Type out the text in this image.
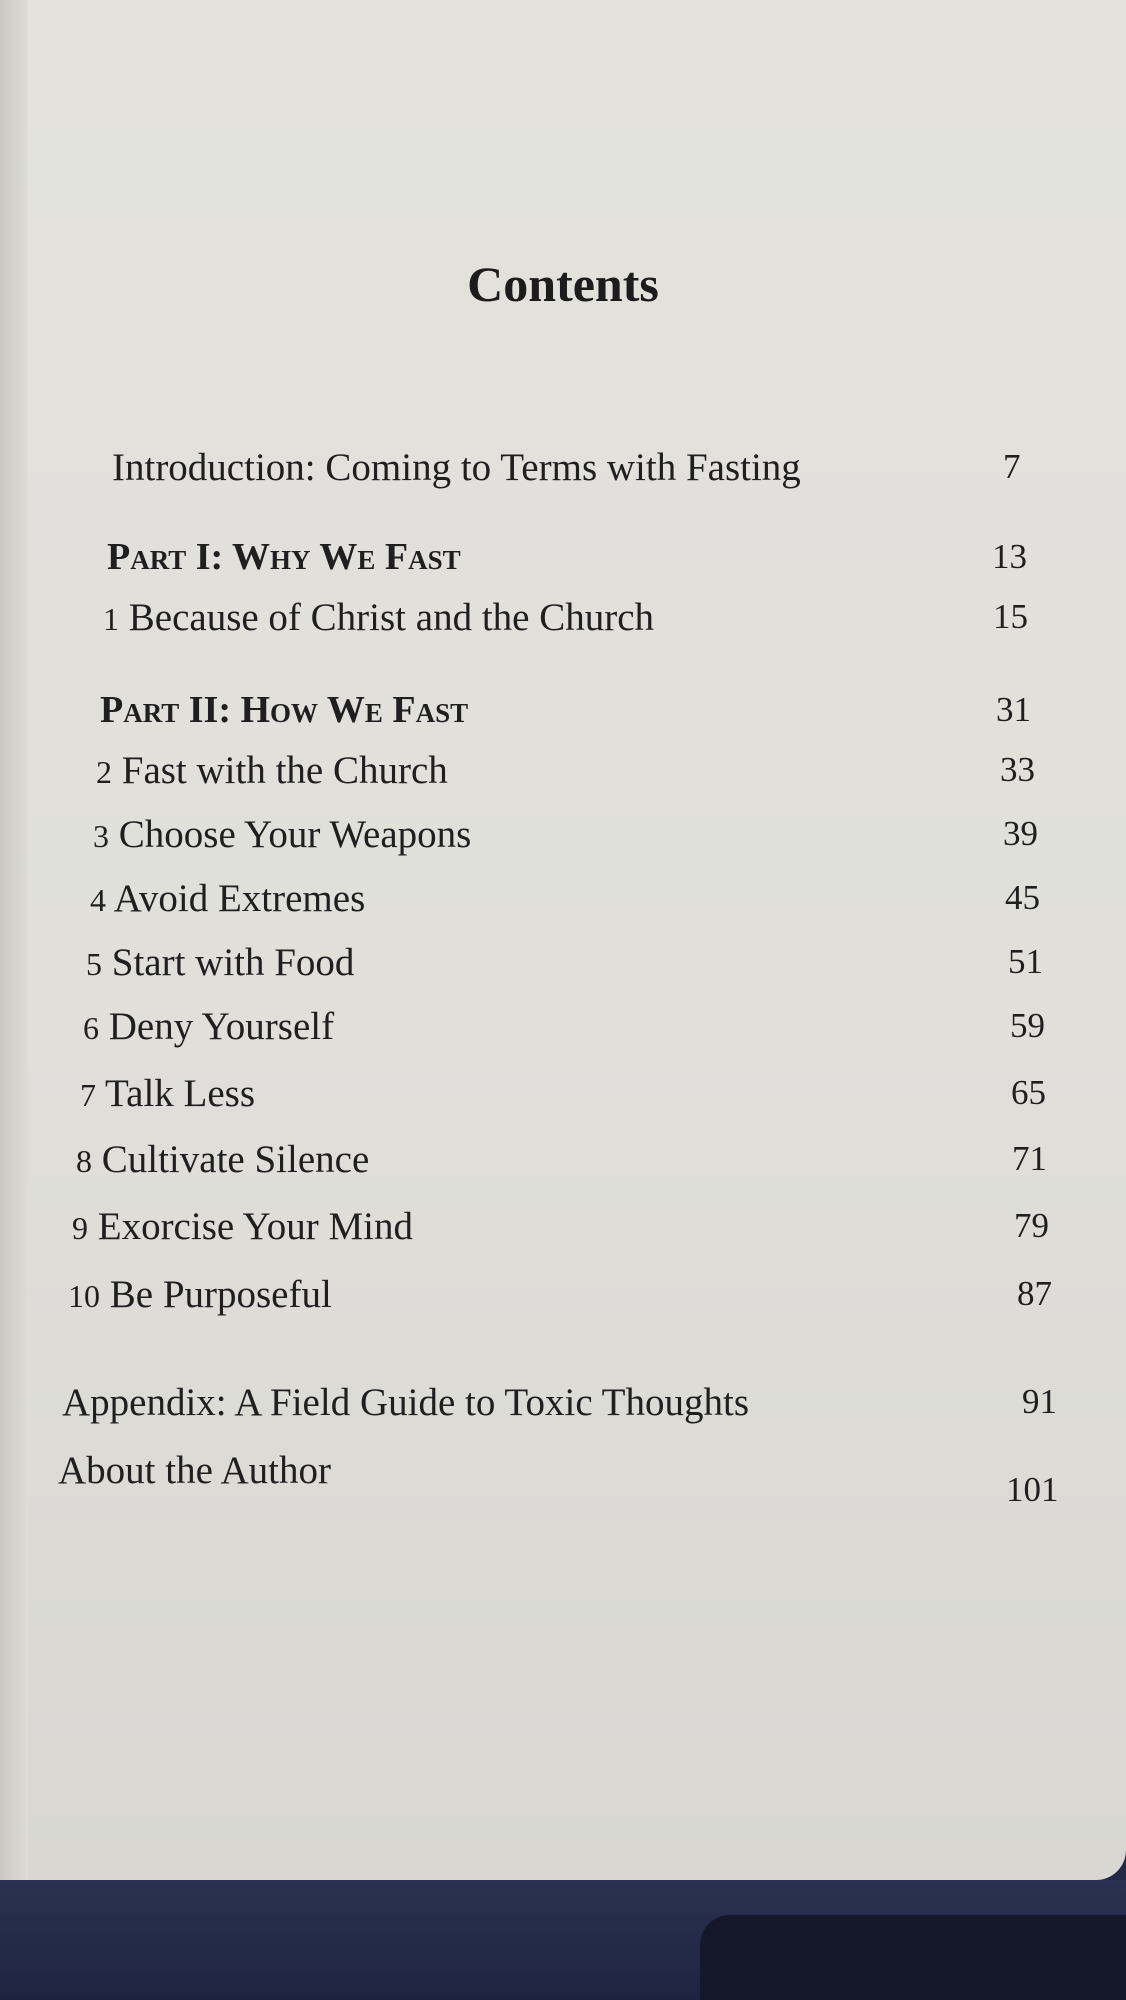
Contents
Introduction: Coming to Terms with Fasting	7
Part I: Why We Fast	13
1 Because of Christ and the Church	15
Part II: How We Fast	31
2 Fast with the Church	33
3 Choose Your Weapons	39
4 Avoid Extremes	45
5 Start with Food	51
6 Deny Yourself	59
7 Talk Less	65
8 Cultivate Silence	71
9 Exorcise Your Mind	79
10 Be Purposeful	87
Appendix: A Field Guide to Toxic Thoughts	91
About the Author	101
